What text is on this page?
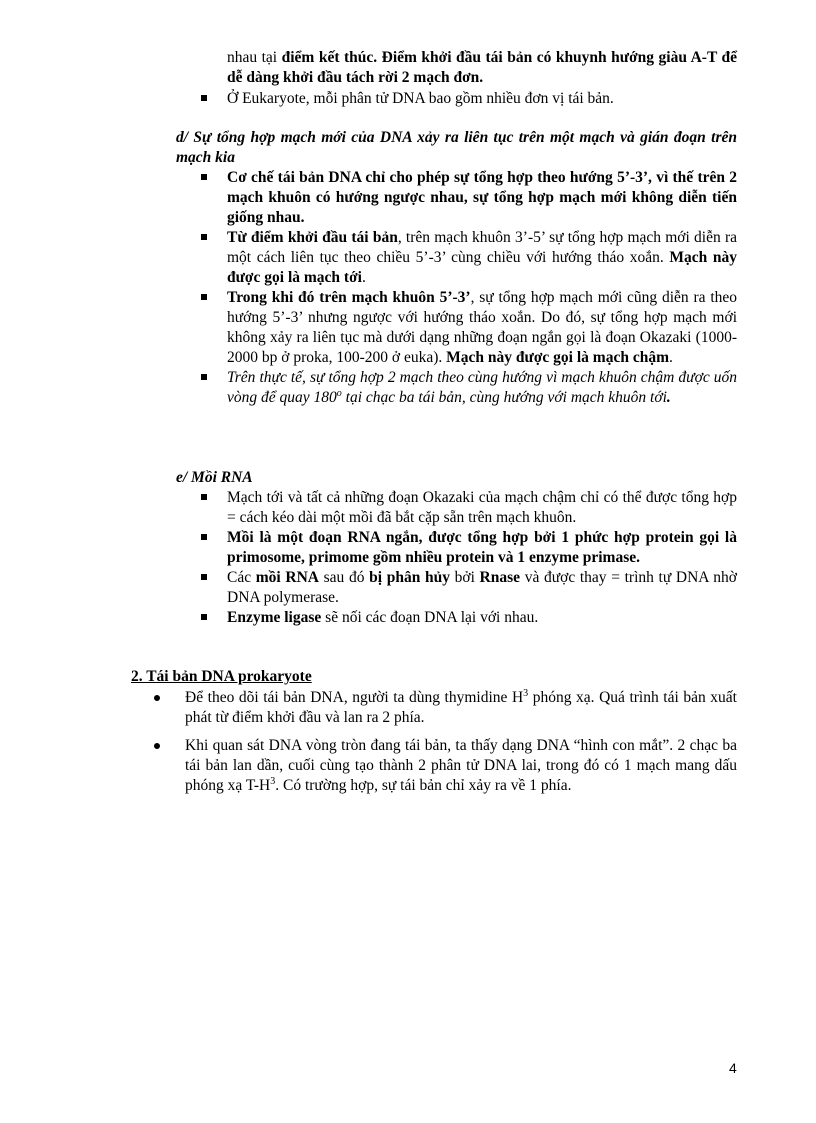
nhau tại điểm kết thúc. Điểm khởi đầu tái bản có khuynh hướng giàu A-T để dễ dàng khởi đầu tách rời 2 mạch đơn.
Ở Eukaryote, mỗi phân tử DNA bao gồm nhiều đơn vị tái bản.
d/ Sự tổng hợp mạch mới của DNA xảy ra liên tục trên một mạch và gián đoạn trên mạch kia
Cơ chế tái bản DNA chỉ cho phép sự tổng hợp theo hướng 5’-3’, vì thế trên 2 mạch khuôn có hướng ngược nhau, sự tổng hợp mạch mới không diễn tiến giống nhau.
Từ điểm khởi đầu tái bản, trên mạch khuôn 3’-5’ sự tổng hợp mạch mới diễn ra một cách liên tục theo chiều 5’-3’ cùng chiều với hướng tháo xoắn. Mạch này được gọi là mạch tới.
Trong khi đó trên mạch khuôn 5’-3’, sự tổng hợp mạch mới cũng diễn ra theo hướng 5’-3’ nhưng ngược với hướng tháo xoắn. Do đó, sự tổng hợp mạch mới không xảy ra liên tục mà dưới dạng những đoạn ngắn gọi là đoạn Okazaki (1000-2000 bp ở proka, 100-200 ở euka). Mạch này được gọi là mạch chậm.
Trên thực tế, sự tổng hợp 2 mạch theo cùng hướng vì mạch khuôn chậm được uốn vòng để quay 180$^o$ tại chạc ba tái bản, cùng hướng với mạch khuôn tới.
e/ Mồi RNA
Mạch tới và tất cả những đoạn Okazaki của mạch chậm chỉ có thể được tổng hợp = cách kéo dài một mồi đã bắt cặp sẵn trên mạch khuôn.
Mồi là một đoạn RNA ngắn, được tổng hợp bởi 1 phức hợp protein gọi là primosome, primome gồm nhiều protein và 1 enzyme primase.
Các mồi RNA sau đó bị phân hủy bởi Rnase và được thay = trình tự DNA nhờ DNA polymerase.
Enzyme ligase sẽ nối các đoạn DNA lại với nhau.
2. Tái bản DNA prokaryote
Để theo dõi tái bản DNA, người ta dùng thymidine $H^3$ phóng xạ. Quá trình tái bản xuất phát từ điểm khởi đầu và lan ra 2 phía.
Khi quan sát DNA vòng tròn đang tái bản, ta thấy dạng DNA “hình con mắt”. 2 chạc ba tái bản lan dần, cuối cùng tạo thành 2 phân tử DNA lai, trong đó có 1 mạch mang dấu phóng xạ $T-H^3$. Có trường hợp, sự tái bản chỉ xảy ra về 1 phía.
4
